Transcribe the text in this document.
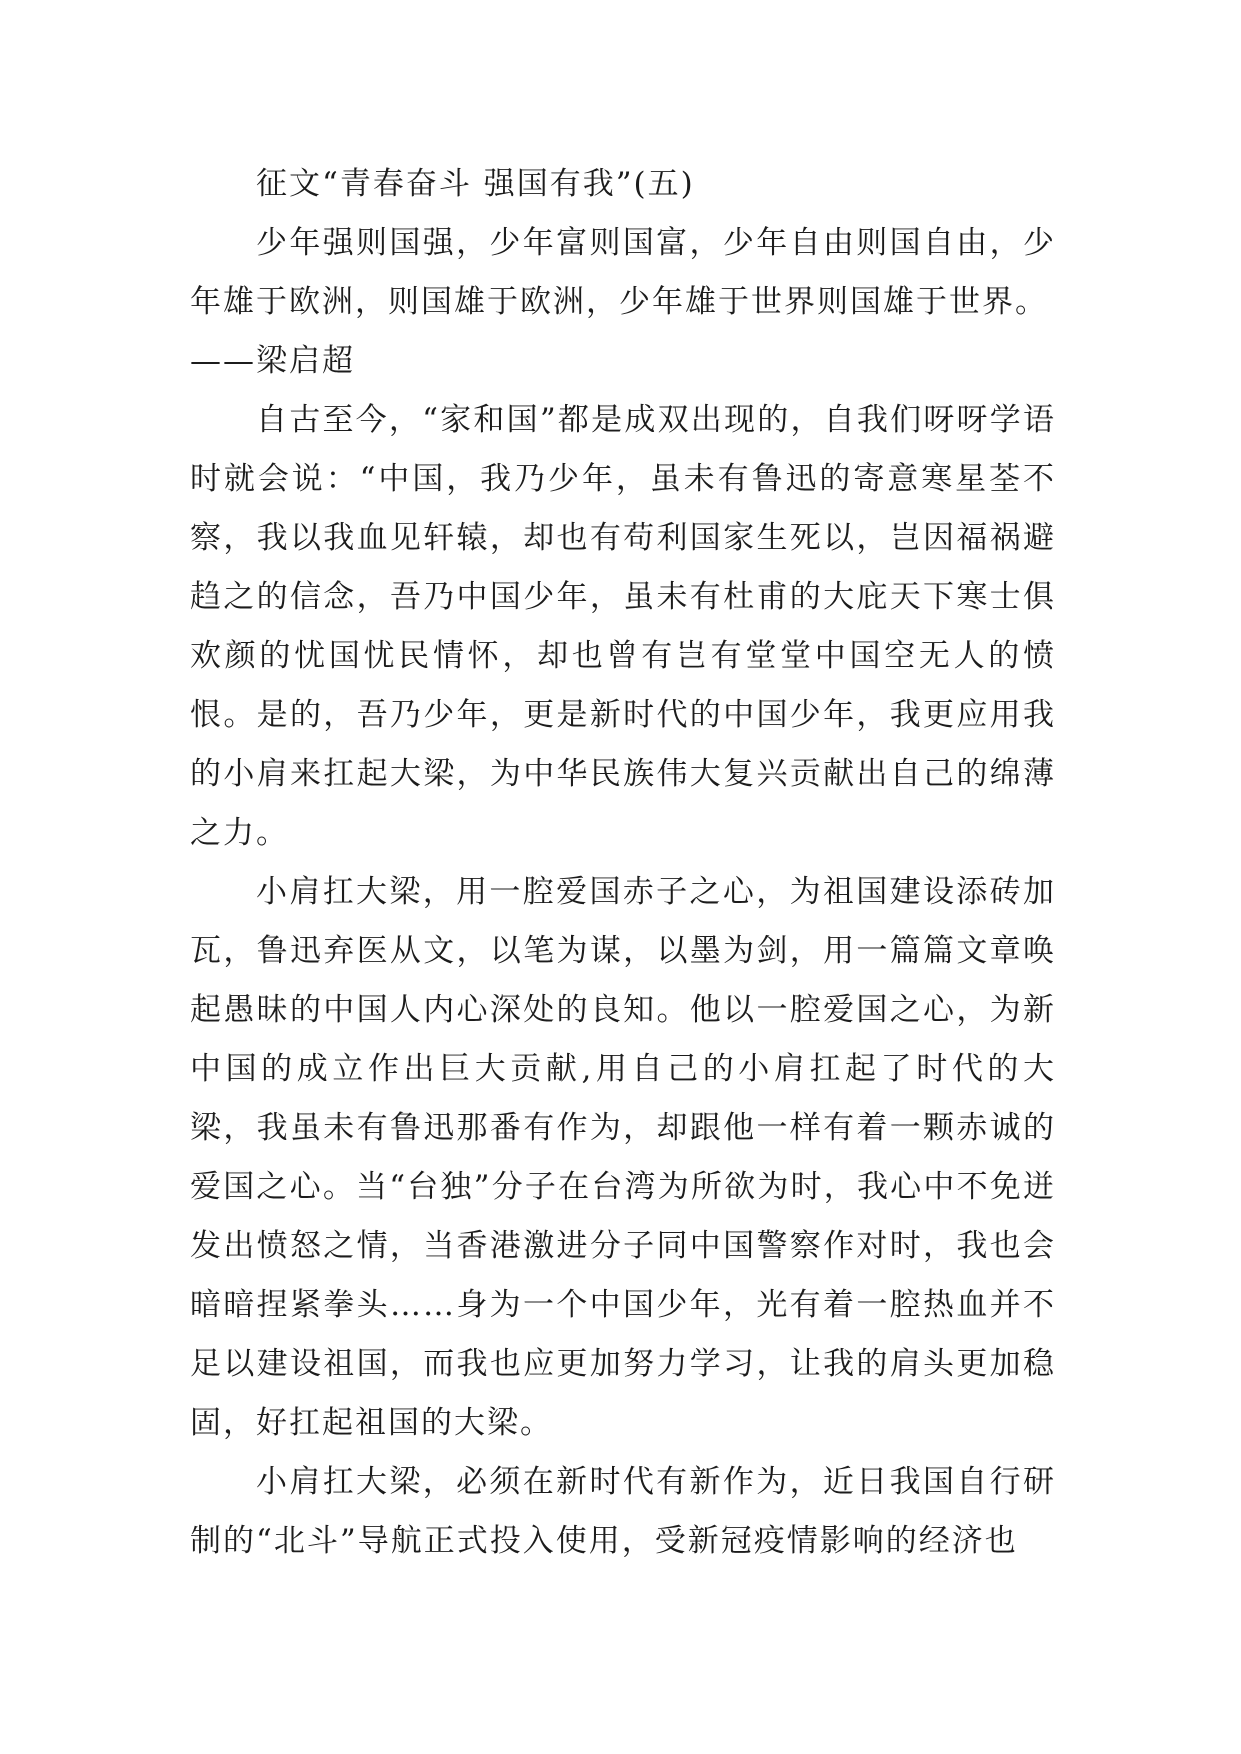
征文“青春奋斗 强国有我”(五)

少年强则国强，少年富则国富，少年自由则国自由，少年雄于欧洲，则国雄于欧洲，少年雄于世界则国雄于世界。

——梁启超

自古至今，“家和国”都是成双出现的，自我们呀呀学语时就会说：“中国，我乃少年，虽未有鲁迅的寄意寒星荃不察，我以我血见轩辕，却也有苟利国家生死以，岂因福祸避趋之的信念，吾乃中国少年，虽未有杜甫的大庇天下寒士俱欢颜的忧国忧民情怀，却也曾有岂有堂堂中国空无人的愤恨。是的，吾乃少年，更是新时代的中国少年，我更应用我的小肩来扛起大梁，为中华民族伟大复兴贡献出自己的绵薄之力。

小肩扛大梁，用一腔爱国赤子之心，为祖国建设添砖加瓦，鲁迅弃医从文，以笔为谋，以墨为剑，用一篇篇文章唤起愚昧的中国人内心深处的良知。他以一腔爱国之心，为新中国的成立作出巨大贡献,用自己的小肩扛起了时代的大梁，我虽未有鲁迅那番有作为，却跟他一样有着一颗赤诚的爱国之心。当“台独”分子在台湾为所欲为时，我心中不免迸发出愤怒之情，当香港激进分子同中国警察作对时，我也会暗暗捏紧拳头……身为一个中国少年，光有着一腔热血并不足以建设祖国，而我也应更加努力学习，让我的肩头更加稳固，好扛起祖国的大梁。

小肩扛大梁，必须在新时代有新作为，近日我国自行研制的“北斗”导航正式投入使用，受新冠疫情影响的经济也
